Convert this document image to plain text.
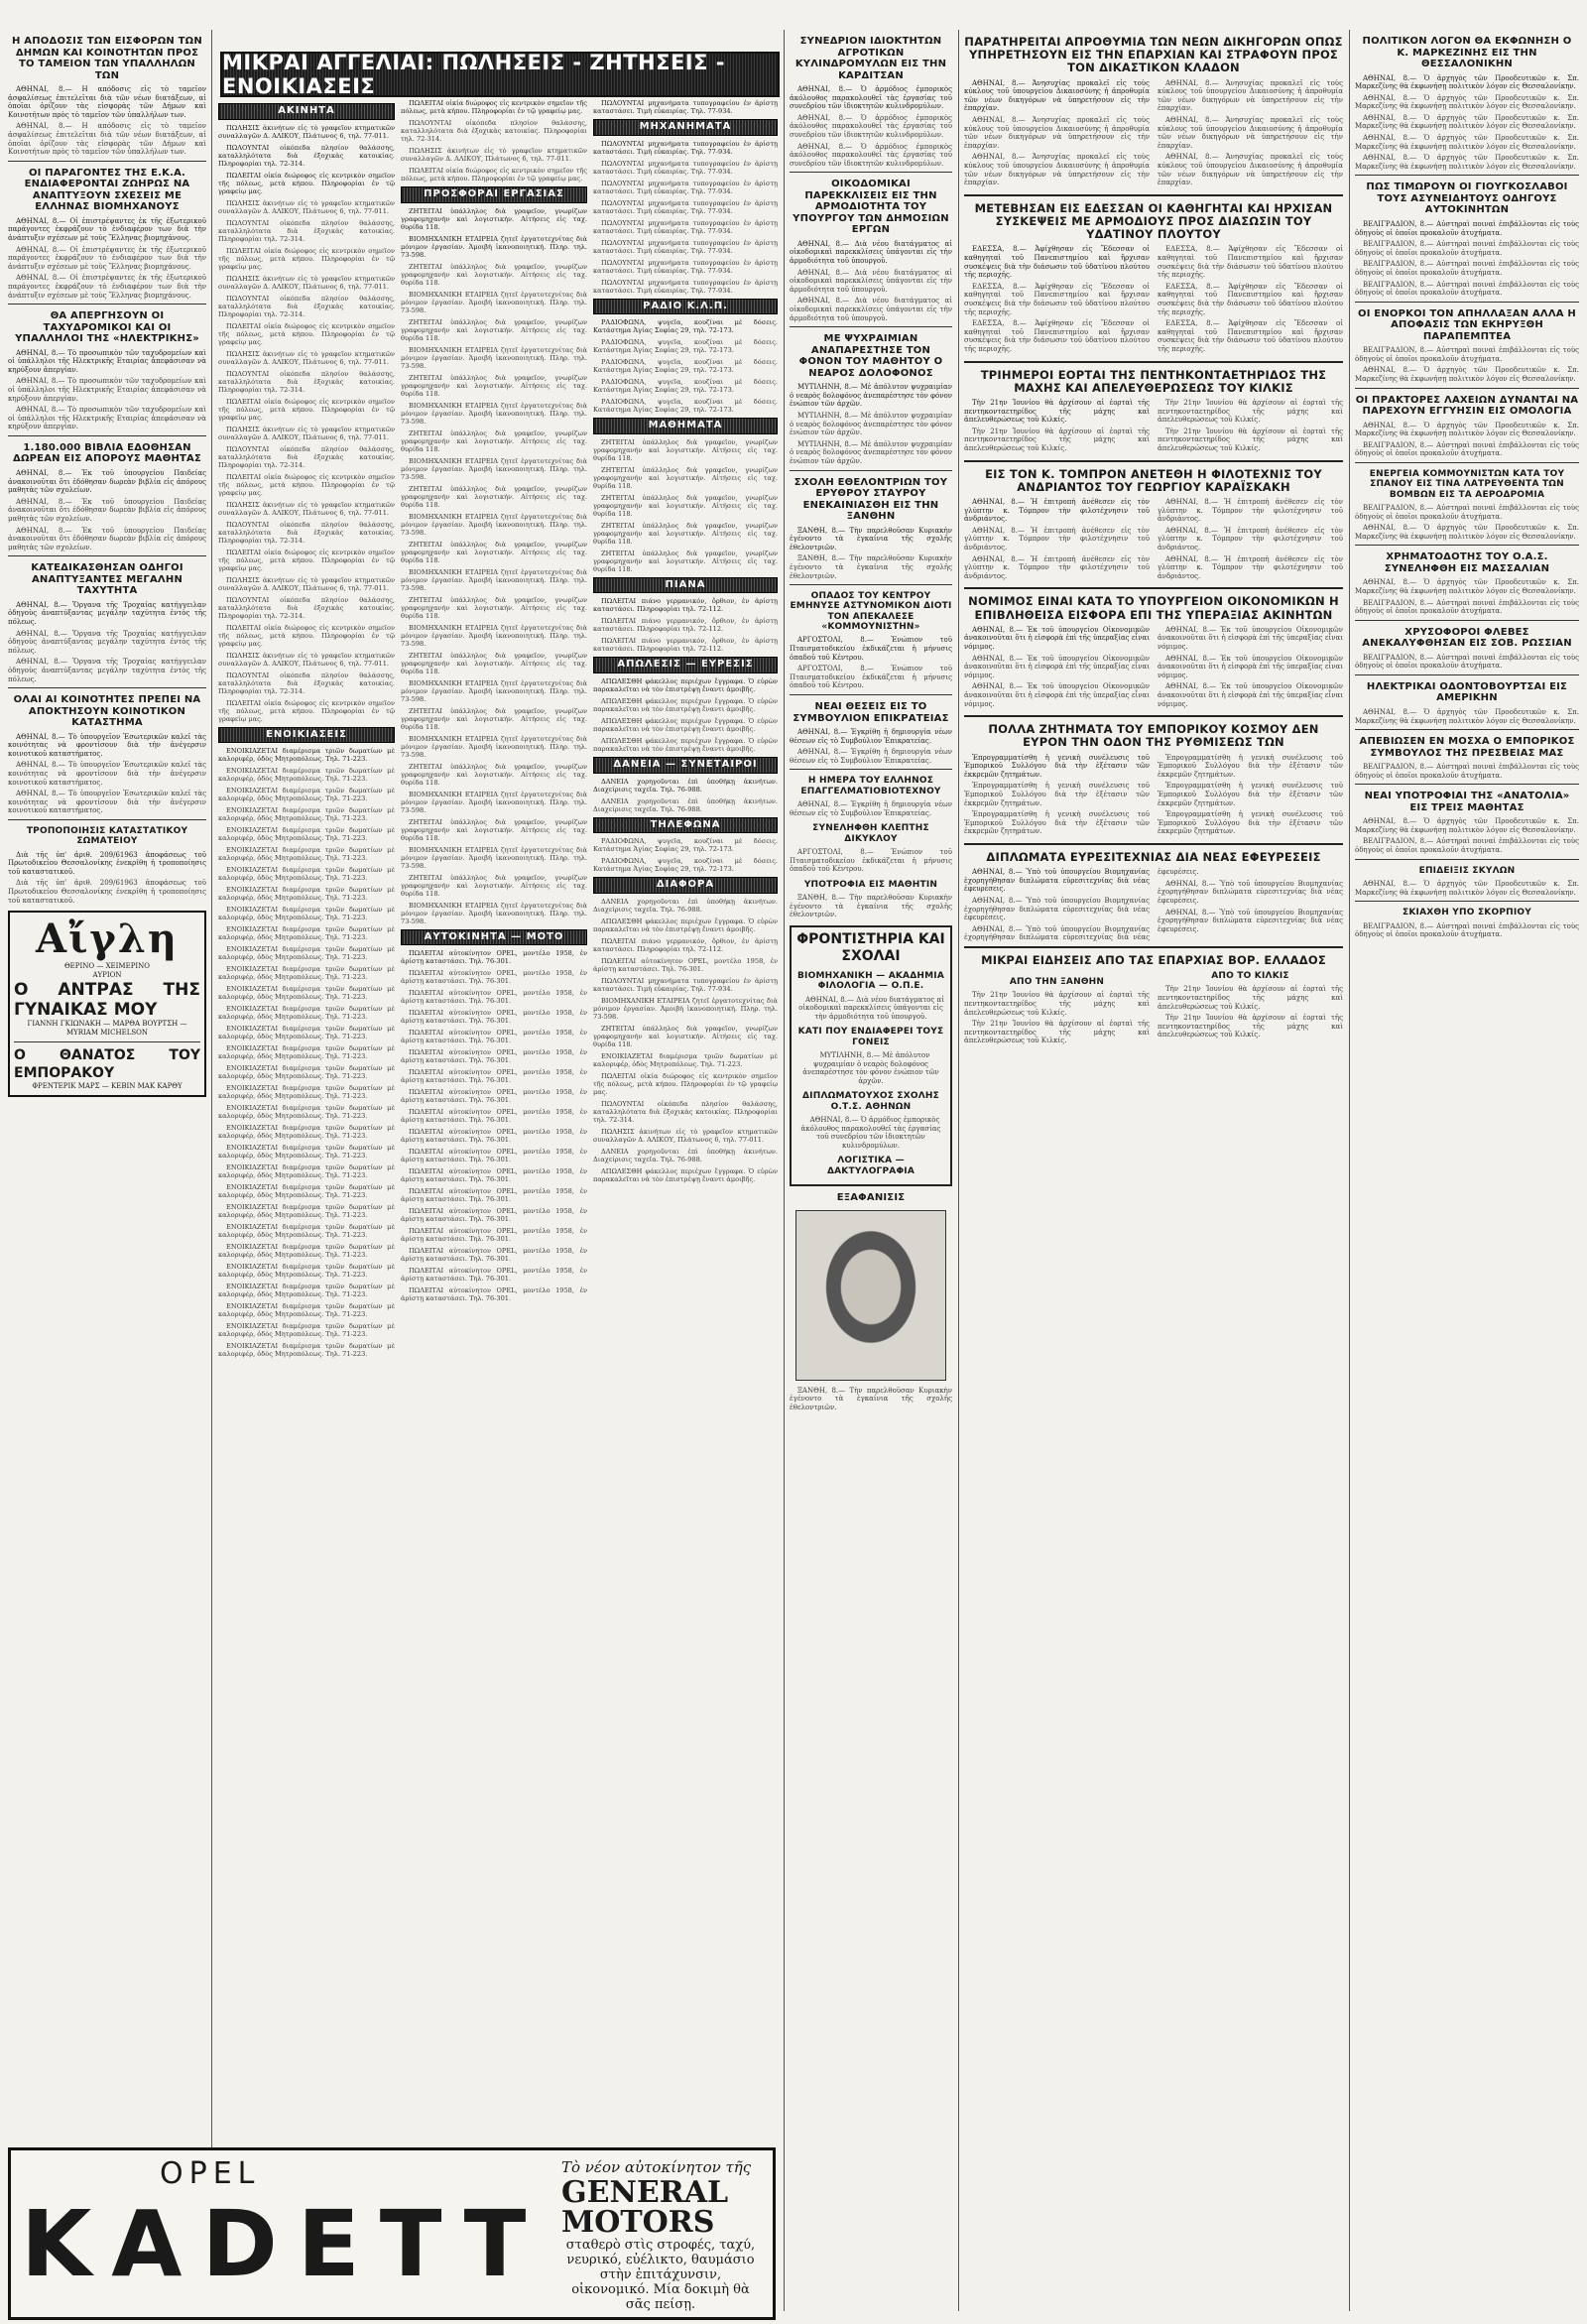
Η ΑΠΟΔΟΣΙΣ ΤΩΝ ΕΙΣΦΟΡΩΝ ΤΩΝ ΔΗΜΩΝ ΚΑΙ ΚΟΙΝΟΤΗΤΩΝ ΠΡΟΣ ΤΟ ΤΑΜΕΙΟΝ ΤΩΝ ΥΠΑΛΛΗΛΩΝ ΤΩΝ

ΑΘΗΝΑΙ, 8.— Η απόδοσις εἰς τὸ ταμεῖον ἀσφαλίσεως ἐπιτελεῖται διὰ τῶν νέων διατάξεων, αἱ ὁποῖαι ὁρίζουν τὰς εἰσφορὰς τῶν Δήμων καὶ Κοινοτήτων πρὸς τὸ ταμεῖον τῶν ὑπαλλήλων των.

ΑΘΗΝΑΙ, 8.— Η απόδοσις εἰς τὸ ταμεῖον ἀσφαλίσεως ἐπιτελεῖται διὰ τῶν νέων διατάξεων, αἱ ὁποῖαι ὁρίζουν τὰς εἰσφορὰς τῶν Δήμων καὶ Κοινοτήτων πρὸς τὸ ταμεῖον τῶν ὑπαλλήλων των.

ΟΙ ΠΑΡΑΓΟΝΤΕΣ ΤΗΣ Ε.Κ.Α. ΕΝΔΙΑΦΕΡΟΝΤΑΙ ΖΩΗΡΩΣ ΝΑ ΑΝΑΠΤΥΞΟΥΝ ΣΧΕΣΕΙΣ ΜΕ ΕΛΛΗΝΑΣ ΒΙΟΜΗΧΑΝΟΥΣ

ΑΘΗΝΑΙ, 8.— Οἱ ἐπιστρέψαντες ἐκ τῆς ἐξωτερικοῦ παράγοντες ἐκφράζουν τὸ ἐνδιαφέρον των διὰ τὴν ἀνάπτυξιν σχέσεων μὲ τοὺς Ἕλληνας βιομηχάνους.

ΑΘΗΝΑΙ, 8.— Οἱ ἐπιστρέψαντες ἐκ τῆς ἐξωτερικοῦ παράγοντες ἐκφράζουν τὸ ἐνδιαφέρον των διὰ τὴν ἀνάπτυξιν σχέσεων μὲ τοὺς Ἕλληνας βιομηχάνους.

ΑΘΗΝΑΙ, 8.— Οἱ ἐπιστρέψαντες ἐκ τῆς ἐξωτερικοῦ παράγοντες ἐκφράζουν τὸ ἐνδιαφέρον των διὰ τὴν ἀνάπτυξιν σχέσεων μὲ τοὺς Ἕλληνας βιομηχάνους.

ΘΑ ΑΠΕΡΓΗΣΟΥΝ ΟΙ ΤΑΧΥΔΡΟΜΙΚΟΙ ΚΑΙ ΟΙ ΥΠΑΛΛΗΛΟΙ ΤΗΣ «ΗΛΕΚΤΡΙΚΗΣ»

ΑΘΗΝΑΙ, 8.— Τὸ προσωπικὸν τῶν ταχυδρομείων καὶ οἱ ὑπάλληλοι τῆς Ηλεκτρικῆς Εταιρίας ἀπεφάσισαν νὰ κηρύξουν ἀπεργίαν.

ΑΘΗΝΑΙ, 8.— Τὸ προσωπικὸν τῶν ταχυδρομείων καὶ οἱ ὑπάλληλοι τῆς Ηλεκτρικῆς Εταιρίας ἀπεφάσισαν νὰ κηρύξουν ἀπεργίαν.

ΑΘΗΝΑΙ, 8.— Τὸ προσωπικὸν τῶν ταχυδρομείων καὶ οἱ ὑπάλληλοι τῆς Ηλεκτρικῆς Εταιρίας ἀπεφάσισαν νὰ κηρύξουν ἀπεργίαν.

1.180.000 ΒΙΒΛΙΑ ΕΔΟΘΗΣΑΝ ΔΩΡΕΑΝ ΕΙΣ ΑΠΟΡΟΥΣ ΜΑΘΗΤΑΣ

ΑΘΗΝΑΙ, 8.— Ἐκ τοῦ ὑπουργείου Παιδείας ἀνακοινοῦται ὅτι ἐδόθησαν δωρεὰν βιβλία εἰς ἀπόρους μαθητὰς τῶν σχολείων.

ΑΘΗΝΑΙ, 8.— Ἐκ τοῦ ὑπουργείου Παιδείας ἀνακοινοῦται ὅτι ἐδόθησαν δωρεὰν βιβλία εἰς ἀπόρους μαθητὰς τῶν σχολείων.

ΑΘΗΝΑΙ, 8.— Ἐκ τοῦ ὑπουργείου Παιδείας ἀνακοινοῦται ὅτι ἐδόθησαν δωρεὰν βιβλία εἰς ἀπόρους μαθητὰς τῶν σχολείων.

ΚΑΤΕΔΙΚΑΣΘΗΣΑΝ ΟΔΗΓΟΙ ΑΝΑΠΤΥΞΑΝΤΕΣ ΜΕΓΑΛΗΝ ΤΑΧΥΤΗΤΑ

ΑΘΗΝΑΙ, 8.— Ὅργανα τῆς Τροχαίας κατήγγειλαν ὁδηγοὺς ἀναπτύξαντας μεγάλην ταχύτητα ἐντὸς τῆς πόλεως.

ΑΘΗΝΑΙ, 8.— Ὅργανα τῆς Τροχαίας κατήγγειλαν ὁδηγοὺς ἀναπτύξαντας μεγάλην ταχύτητα ἐντὸς τῆς πόλεως.

ΑΘΗΝΑΙ, 8.— Ὅργανα τῆς Τροχαίας κατήγγειλαν ὁδηγοὺς ἀναπτύξαντας μεγάλην ταχύτητα ἐντὸς τῆς πόλεως.

ΟΛΑΙ ΑΙ ΚΟΙΝΟΤΗΤΕΣ ΠΡΕΠΕΙ ΝΑ ΑΠΟΚΤΗΣΟΥΝ ΚΟΙΝΟΤΙΚΟΝ ΚΑΤΑΣΤΗΜΑ

ΑΘΗΝΑΙ, 8.— Τὸ ὑπουργεῖον Ἐσωτερικῶν καλεῖ τὰς κοινότητας νὰ φροντίσουν διὰ τὴν ἀνέγερσιν κοινοτικοῦ καταστήματος.

ΑΘΗΝΑΙ, 8.— Τὸ ὑπουργεῖον Ἐσωτερικῶν καλεῖ τὰς κοινότητας νὰ φροντίσουν διὰ τὴν ἀνέγερσιν κοινοτικοῦ καταστήματος.

ΑΘΗΝΑΙ, 8.— Τὸ ὑπουργεῖον Ἐσωτερικῶν καλεῖ τὰς κοινότητας νὰ φροντίσουν διὰ τὴν ἀνέγερσιν κοινοτικοῦ καταστήματος.

ΤΡΟΠΟΠΟΙΗΣΙΣ ΚΑΤΑΣΤΑΤΙΚΟΥ ΣΩΜΑΤΕΙΟΥ

Διὰ τῆς ὑπ' ἀριθ. 209/61963 ἀποφάσεως τοῦ Πρωτοδικείου Θεσσαλονίκης ἐνεκρίθη ἡ τροποποίησις τοῦ καταστατικοῦ.

Διὰ τῆς ὑπ' ἀριθ. 209/61963 ἀποφάσεως τοῦ Πρωτοδικείου Θεσσαλονίκης ἐνεκρίθη ἡ τροποποίησις τοῦ καταστατικοῦ.

Αἴγλη
ΘΕΡΙΝΟ — ΧΕΙΜΕΡΙΝΟ
ΑΥΡΙΟΝ
Ο ΑΝΤΡΑΣ ΤΗΣ ΓΥΝΑΙΚΑΣ ΜΟΥ
ΓΙΑΝΝΗ ΓΚΙΩΝΑΚΗ — ΜΑΡΘΑ ΒΟΥΡΤΣΗ — ΜΥRIAM MICHELSON
Ο ΘΑΝΑΤΟΣ ΤΟΥ ΕΜΠΟΡΑΚΟΥ
ΦΡΕΝΤΕΡΙΚ ΜΑΡΣ — ΚΕΒΙΝ ΜΑΚ ΚΑΡΘΥ
ΜΙΚΡΑΙ ΑΓΓΕΛΙΑΙ: ΠΩΛΗΣΕΙΣ - ΖΗΤΗΣΕΙΣ - ΕΝΟΙΚΙΑΣΕΙΣ
ΑΚΙΝΗΤΑ

ΠΩΛΗΣΙΣ ἀκινήτων εἰς τὸ γραφεῖον κτηματικῶν συναλλαγῶν Δ. ΑΛΙΚΟΥ, Πλάτωνος 6, τηλ. 77-011.

ΠΩΛΟΥΝΤΑΙ οἰκόπεδα πλησίον θαλάσσης, καταλληλότατα διὰ ἐξοχικὰς κατοικίας. Πληροφορίαι τηλ. 72-314.

ΠΩΛΕΙΤΑΙ οἰκία διώροφος εἰς κεντρικὸν σημεῖον τῆς πόλεως, μετὰ κήπου. Πληροφορίαι ἐν τῷ γραφείῳ μας.

ΠΩΛΗΣΙΣ ἀκινήτων εἰς τὸ γραφεῖον κτηματικῶν συναλλαγῶν Δ. ΑΛΙΚΟΥ, Πλάτωνος 6, τηλ. 77-011.

ΠΩΛΟΥΝΤΑΙ οἰκόπεδα πλησίον θαλάσσης, καταλληλότατα διὰ ἐξοχικὰς κατοικίας. Πληροφορίαι τηλ. 72-314.

ΠΩΛΕΙΤΑΙ οἰκία διώροφος εἰς κεντρικὸν σημεῖον τῆς πόλεως, μετὰ κήπου. Πληροφορίαι ἐν τῷ γραφείῳ μας.

ΠΩΛΗΣΙΣ ἀκινήτων εἰς τὸ γραφεῖον κτηματικῶν συναλλαγῶν Δ. ΑΛΙΚΟΥ, Πλάτωνος 6, τηλ. 77-011.

ΠΩΛΟΥΝΤΑΙ οἰκόπεδα πλησίον θαλάσσης, καταλληλότατα διὰ ἐξοχικὰς κατοικίας. Πληροφορίαι τηλ. 72-314.

ΠΩΛΕΙΤΑΙ οἰκία διώροφος εἰς κεντρικὸν σημεῖον τῆς πόλεως, μετὰ κήπου. Πληροφορίαι ἐν τῷ γραφείῳ μας.

ΠΩΛΗΣΙΣ ἀκινήτων εἰς τὸ γραφεῖον κτηματικῶν συναλλαγῶν Δ. ΑΛΙΚΟΥ, Πλάτωνος 6, τηλ. 77-011.

ΠΩΛΟΥΝΤΑΙ οἰκόπεδα πλησίον θαλάσσης, καταλληλότατα διὰ ἐξοχικὰς κατοικίας. Πληροφορίαι τηλ. 72-314.

ΠΩΛΕΙΤΑΙ οἰκία διώροφος εἰς κεντρικὸν σημεῖον τῆς πόλεως, μετὰ κήπου. Πληροφορίαι ἐν τῷ γραφείῳ μας.

ΠΩΛΗΣΙΣ ἀκινήτων εἰς τὸ γραφεῖον κτηματικῶν συναλλαγῶν Δ. ΑΛΙΚΟΥ, Πλάτωνος 6, τηλ. 77-011.

ΠΩΛΟΥΝΤΑΙ οἰκόπεδα πλησίον θαλάσσης, καταλληλότατα διὰ ἐξοχικὰς κατοικίας. Πληροφορίαι τηλ. 72-314.

ΠΩΛΕΙΤΑΙ οἰκία διώροφος εἰς κεντρικὸν σημεῖον τῆς πόλεως, μετὰ κήπου. Πληροφορίαι ἐν τῷ γραφείῳ μας.

ΠΩΛΗΣΙΣ ἀκινήτων εἰς τὸ γραφεῖον κτηματικῶν συναλλαγῶν Δ. ΑΛΙΚΟΥ, Πλάτωνος 6, τηλ. 77-011.

ΠΩΛΟΥΝΤΑΙ οἰκόπεδα πλησίον θαλάσσης, καταλληλότατα διὰ ἐξοχικὰς κατοικίας. Πληροφορίαι τηλ. 72-314.

ΠΩΛΕΙΤΑΙ οἰκία διώροφος εἰς κεντρικὸν σημεῖον τῆς πόλεως, μετὰ κήπου. Πληροφορίαι ἐν τῷ γραφείῳ μας.

ΠΩΛΗΣΙΣ ἀκινήτων εἰς τὸ γραφεῖον κτηματικῶν συναλλαγῶν Δ. ΑΛΙΚΟΥ, Πλάτωνος 6, τηλ. 77-011.

ΠΩΛΟΥΝΤΑΙ οἰκόπεδα πλησίον θαλάσσης, καταλληλότατα διὰ ἐξοχικὰς κατοικίας. Πληροφορίαι τηλ. 72-314.

ΠΩΛΕΙΤΑΙ οἰκία διώροφος εἰς κεντρικὸν σημεῖον τῆς πόλεως, μετὰ κήπου. Πληροφορίαι ἐν τῷ γραφείῳ μας.

ΠΩΛΗΣΙΣ ἀκινήτων εἰς τὸ γραφεῖον κτηματικῶν συναλλαγῶν Δ. ΑΛΙΚΟΥ, Πλάτωνος 6, τηλ. 77-011.

ΠΩΛΟΥΝΤΑΙ οἰκόπεδα πλησίον θαλάσσης, καταλληλότατα διὰ ἐξοχικὰς κατοικίας. Πληροφορίαι τηλ. 72-314.

ΠΩΛΕΙΤΑΙ οἰκία διώροφος εἰς κεντρικὸν σημεῖον τῆς πόλεως, μετὰ κήπου. Πληροφορίαι ἐν τῷ γραφείῳ μας.

ΕΝΟΙΚΙΑΣΕΙΣ

ΕΝΟΙΚΙΑΖΕΤΑΙ διαμέρισμα τριῶν δωματίων μὲ καλοριφέρ, ὁδὸς Μητροπόλεως. Τηλ. 71-223.

ΕΝΟΙΚΙΑΖΕΤΑΙ διαμέρισμα τριῶν δωματίων μὲ καλοριφέρ, ὁδὸς Μητροπόλεως. Τηλ. 71-223.

ΕΝΟΙΚΙΑΖΕΤΑΙ διαμέρισμα τριῶν δωματίων μὲ καλοριφέρ, ὁδὸς Μητροπόλεως. Τηλ. 71-223.

ΕΝΟΙΚΙΑΖΕΤΑΙ διαμέρισμα τριῶν δωματίων μὲ καλοριφέρ, ὁδὸς Μητροπόλεως. Τηλ. 71-223.

ΕΝΟΙΚΙΑΖΕΤΑΙ διαμέρισμα τριῶν δωματίων μὲ καλοριφέρ, ὁδὸς Μητροπόλεως. Τηλ. 71-223.

ΕΝΟΙΚΙΑΖΕΤΑΙ διαμέρισμα τριῶν δωματίων μὲ καλοριφέρ, ὁδὸς Μητροπόλεως. Τηλ. 71-223.

ΕΝΟΙΚΙΑΖΕΤΑΙ διαμέρισμα τριῶν δωματίων μὲ καλοριφέρ, ὁδὸς Μητροπόλεως. Τηλ. 71-223.

ΕΝΟΙΚΙΑΖΕΤΑΙ διαμέρισμα τριῶν δωματίων μὲ καλοριφέρ, ὁδὸς Μητροπόλεως. Τηλ. 71-223.

ΕΝΟΙΚΙΑΖΕΤΑΙ διαμέρισμα τριῶν δωματίων μὲ καλοριφέρ, ὁδὸς Μητροπόλεως. Τηλ. 71-223.

ΕΝΟΙΚΙΑΖΕΤΑΙ διαμέρισμα τριῶν δωματίων μὲ καλοριφέρ, ὁδὸς Μητροπόλεως. Τηλ. 71-223.

ΕΝΟΙΚΙΑΖΕΤΑΙ διαμέρισμα τριῶν δωματίων μὲ καλοριφέρ, ὁδὸς Μητροπόλεως. Τηλ. 71-223.

ΕΝΟΙΚΙΑΖΕΤΑΙ διαμέρισμα τριῶν δωματίων μὲ καλοριφέρ, ὁδὸς Μητροπόλεως. Τηλ. 71-223.

ΕΝΟΙΚΙΑΖΕΤΑΙ διαμέρισμα τριῶν δωματίων μὲ καλοριφέρ, ὁδὸς Μητροπόλεως. Τηλ. 71-223.

ΕΝΟΙΚΙΑΖΕΤΑΙ διαμέρισμα τριῶν δωματίων μὲ καλοριφέρ, ὁδὸς Μητροπόλεως. Τηλ. 71-223.

ΕΝΟΙΚΙΑΖΕΤΑΙ διαμέρισμα τριῶν δωματίων μὲ καλοριφέρ, ὁδὸς Μητροπόλεως. Τηλ. 71-223.

ΕΝΟΙΚΙΑΖΕΤΑΙ διαμέρισμα τριῶν δωματίων μὲ καλοριφέρ, ὁδὸς Μητροπόλεως. Τηλ. 71-223.

ΕΝΟΙΚΙΑΖΕΤΑΙ διαμέρισμα τριῶν δωματίων μὲ καλοριφέρ, ὁδὸς Μητροπόλεως. Τηλ. 71-223.

ΕΝΟΙΚΙΑΖΕΤΑΙ διαμέρισμα τριῶν δωματίων μὲ καλοριφέρ, ὁδὸς Μητροπόλεως. Τηλ. 71-223.

ΕΝΟΙΚΙΑΖΕΤΑΙ διαμέρισμα τριῶν δωματίων μὲ καλοριφέρ, ὁδὸς Μητροπόλεως. Τηλ. 71-223.

ΕΝΟΙΚΙΑΖΕΤΑΙ διαμέρισμα τριῶν δωματίων μὲ καλοριφέρ, ὁδὸς Μητροπόλεως. Τηλ. 71-223.

ΕΝΟΙΚΙΑΖΕΤΑΙ διαμέρισμα τριῶν δωματίων μὲ καλοριφέρ, ὁδὸς Μητροπόλεως. Τηλ. 71-223.

ΕΝΟΙΚΙΑΖΕΤΑΙ διαμέρισμα τριῶν δωματίων μὲ καλοριφέρ, ὁδὸς Μητροπόλεως. Τηλ. 71-223.

ΕΝΟΙΚΙΑΖΕΤΑΙ διαμέρισμα τριῶν δωματίων μὲ καλοριφέρ, ὁδὸς Μητροπόλεως. Τηλ. 71-223.

ΕΝΟΙΚΙΑΖΕΤΑΙ διαμέρισμα τριῶν δωματίων μὲ καλοριφέρ, ὁδὸς Μητροπόλεως. Τηλ. 71-223.

ΕΝΟΙΚΙΑΖΕΤΑΙ διαμέρισμα τριῶν δωματίων μὲ καλοριφέρ, ὁδὸς Μητροπόλεως. Τηλ. 71-223.

ΕΝΟΙΚΙΑΖΕΤΑΙ διαμέρισμα τριῶν δωματίων μὲ καλοριφέρ, ὁδὸς Μητροπόλεως. Τηλ. 71-223.

ΕΝΟΙΚΙΑΖΕΤΑΙ διαμέρισμα τριῶν δωματίων μὲ καλοριφέρ, ὁδὸς Μητροπόλεως. Τηλ. 71-223.

ΕΝΟΙΚΙΑΖΕΤΑΙ διαμέρισμα τριῶν δωματίων μὲ καλοριφέρ, ὁδὸς Μητροπόλεως. Τηλ. 71-223.

ΕΝΟΙΚΙΑΖΕΤΑΙ διαμέρισμα τριῶν δωματίων μὲ καλοριφέρ, ὁδὸς Μητροπόλεως. Τηλ. 71-223.

ΕΝΟΙΚΙΑΖΕΤΑΙ διαμέρισμα τριῶν δωματίων μὲ καλοριφέρ, ὁδὸς Μητροπόλεως. Τηλ. 71-223.

ΕΝΟΙΚΙΑΖΕΤΑΙ διαμέρισμα τριῶν δωματίων μὲ καλοριφέρ, ὁδὸς Μητροπόλεως. Τηλ. 71-223.

ΠΩΛΕΙΤΑΙ οἰκία διώροφος εἰς κεντρικὸν σημεῖον τῆς πόλεως, μετὰ κήπου. Πληροφορίαι ἐν τῷ γραφείῳ μας.

ΠΩΛΟΥΝΤΑΙ οἰκόπεδα πλησίον θαλάσσης, καταλληλότατα διὰ ἐξοχικὰς κατοικίας. Πληροφορίαι τηλ. 72-314.

ΠΩΛΗΣΙΣ ἀκινήτων εἰς τὸ γραφεῖον κτηματικῶν συναλλαγῶν Δ. ΑΛΙΚΟΥ, Πλάτωνος 6, τηλ. 77-011.

ΠΩΛΕΙΤΑΙ οἰκία διώροφος εἰς κεντρικὸν σημεῖον τῆς πόλεως, μετὰ κήπου. Πληροφορίαι ἐν τῷ γραφείῳ μας.

ΠΡΟΣΦΟΡΑΙ ΕΡΓΑΣΙΑΣ

ΖΗΤΕΙΤΑΙ ὑπάλληλος διὰ γραφεῖον, γνωρίζων γραφομηχανήν καὶ λογιστικήν. Αἰτήσεις εἰς ταχ. θυρίδα 118.

ΒΙΟΜΗΧΑΝΙΚΗ ΕΤΑΙΡΕΙΑ ζητεῖ ἐργατοτεχνίτας διὰ μόνιμον ἐργασίαν. Ἀμοιβὴ ἱκανοποιητική. Πληρ. τηλ. 73-598.

ΖΗΤΕΙΤΑΙ ὑπάλληλος διὰ γραφεῖον, γνωρίζων γραφομηχανήν καὶ λογιστικήν. Αἰτήσεις εἰς ταχ. θυρίδα 118.

ΒΙΟΜΗΧΑΝΙΚΗ ΕΤΑΙΡΕΙΑ ζητεῖ ἐργατοτεχνίτας διὰ μόνιμον ἐργασίαν. Ἀμοιβὴ ἱκανοποιητική. Πληρ. τηλ. 73-598.

ΖΗΤΕΙΤΑΙ ὑπάλληλος διὰ γραφεῖον, γνωρίζων γραφομηχανήν καὶ λογιστικήν. Αἰτήσεις εἰς ταχ. θυρίδα 118.

ΒΙΟΜΗΧΑΝΙΚΗ ΕΤΑΙΡΕΙΑ ζητεῖ ἐργατοτεχνίτας διὰ μόνιμον ἐργασίαν. Ἀμοιβὴ ἱκανοποιητική. Πληρ. τηλ. 73-598.

ΖΗΤΕΙΤΑΙ ὑπάλληλος διὰ γραφεῖον, γνωρίζων γραφομηχανήν καὶ λογιστικήν. Αἰτήσεις εἰς ταχ. θυρίδα 118.

ΒΙΟΜΗΧΑΝΙΚΗ ΕΤΑΙΡΕΙΑ ζητεῖ ἐργατοτεχνίτας διὰ μόνιμον ἐργασίαν. Ἀμοιβὴ ἱκανοποιητική. Πληρ. τηλ. 73-598.

ΖΗΤΕΙΤΑΙ ὑπάλληλος διὰ γραφεῖον, γνωρίζων γραφομηχανήν καὶ λογιστικήν. Αἰτήσεις εἰς ταχ. θυρίδα 118.

ΒΙΟΜΗΧΑΝΙΚΗ ΕΤΑΙΡΕΙΑ ζητεῖ ἐργατοτεχνίτας διὰ μόνιμον ἐργασίαν. Ἀμοιβὴ ἱκανοποιητική. Πληρ. τηλ. 73-598.

ΖΗΤΕΙΤΑΙ ὑπάλληλος διὰ γραφεῖον, γνωρίζων γραφομηχανήν καὶ λογιστικήν. Αἰτήσεις εἰς ταχ. θυρίδα 118.

ΒΙΟΜΗΧΑΝΙΚΗ ΕΤΑΙΡΕΙΑ ζητεῖ ἐργατοτεχνίτας διὰ μόνιμον ἐργασίαν. Ἀμοιβὴ ἱκανοποιητική. Πληρ. τηλ. 73-598.

ΖΗΤΕΙΤΑΙ ὑπάλληλος διὰ γραφεῖον, γνωρίζων γραφομηχανήν καὶ λογιστικήν. Αἰτήσεις εἰς ταχ. θυρίδα 118.

ΒΙΟΜΗΧΑΝΙΚΗ ΕΤΑΙΡΕΙΑ ζητεῖ ἐργατοτεχνίτας διὰ μόνιμον ἐργασίαν. Ἀμοιβὴ ἱκανοποιητική. Πληρ. τηλ. 73-598.

ΖΗΤΕΙΤΑΙ ὑπάλληλος διὰ γραφεῖον, γνωρίζων γραφομηχανήν καὶ λογιστικήν. Αἰτήσεις εἰς ταχ. θυρίδα 118.

ΒΙΟΜΗΧΑΝΙΚΗ ΕΤΑΙΡΕΙΑ ζητεῖ ἐργατοτεχνίτας διὰ μόνιμον ἐργασίαν. Ἀμοιβὴ ἱκανοποιητική. Πληρ. τηλ. 73-598.

ΖΗΤΕΙΤΑΙ ὑπάλληλος διὰ γραφεῖον, γνωρίζων γραφομηχανήν καὶ λογιστικήν. Αἰτήσεις εἰς ταχ. θυρίδα 118.

ΒΙΟΜΗΧΑΝΙΚΗ ΕΤΑΙΡΕΙΑ ζητεῖ ἐργατοτεχνίτας διὰ μόνιμον ἐργασίαν. Ἀμοιβὴ ἱκανοποιητική. Πληρ. τηλ. 73-598.

ΖΗΤΕΙΤΑΙ ὑπάλληλος διὰ γραφεῖον, γνωρίζων γραφομηχανήν καὶ λογιστικήν. Αἰτήσεις εἰς ταχ. θυρίδα 118.

ΒΙΟΜΗΧΑΝΙΚΗ ΕΤΑΙΡΕΙΑ ζητεῖ ἐργατοτεχνίτας διὰ μόνιμον ἐργασίαν. Ἀμοιβὴ ἱκανοποιητική. Πληρ. τηλ. 73-598.

ΖΗΤΕΙΤΑΙ ὑπάλληλος διὰ γραφεῖον, γνωρίζων γραφομηχανήν καὶ λογιστικήν. Αἰτήσεις εἰς ταχ. θυρίδα 118.

ΒΙΟΜΗΧΑΝΙΚΗ ΕΤΑΙΡΕΙΑ ζητεῖ ἐργατοτεχνίτας διὰ μόνιμον ἐργασίαν. Ἀμοιβὴ ἱκανοποιητική. Πληρ. τηλ. 73-598.

ΖΗΤΕΙΤΑΙ ὑπάλληλος διὰ γραφεῖον, γνωρίζων γραφομηχανήν καὶ λογιστικήν. Αἰτήσεις εἰς ταχ. θυρίδα 118.

ΒΙΟΜΗΧΑΝΙΚΗ ΕΤΑΙΡΕΙΑ ζητεῖ ἐργατοτεχνίτας διὰ μόνιμον ἐργασίαν. Ἀμοιβὴ ἱκανοποιητική. Πληρ. τηλ. 73-598.

ΖΗΤΕΙΤΑΙ ὑπάλληλος διὰ γραφεῖον, γνωρίζων γραφομηχανήν καὶ λογιστικήν. Αἰτήσεις εἰς ταχ. θυρίδα 118.

ΒΙΟΜΗΧΑΝΙΚΗ ΕΤΑΙΡΕΙΑ ζητεῖ ἐργατοτεχνίτας διὰ μόνιμον ἐργασίαν. Ἀμοιβὴ ἱκανοποιητική. Πληρ. τηλ. 73-598.

ΑΥΤΟΚΙΝΗΤΑ — ΜΟΤΟ

ΠΩΛΕΙΤΑΙ αὐτοκίνητον OPEL, μοντέλο 1958, ἐν ἀρίστῃ καταστάσει. Τηλ. 76-301.

ΠΩΛΕΙΤΑΙ αὐτοκίνητον OPEL, μοντέλο 1958, ἐν ἀρίστῃ καταστάσει. Τηλ. 76-301.

ΠΩΛΕΙΤΑΙ αὐτοκίνητον OPEL, μοντέλο 1958, ἐν ἀρίστῃ καταστάσει. Τηλ. 76-301.

ΠΩΛΕΙΤΑΙ αὐτοκίνητον OPEL, μοντέλο 1958, ἐν ἀρίστῃ καταστάσει. Τηλ. 76-301.

ΠΩΛΕΙΤΑΙ αὐτοκίνητον OPEL, μοντέλο 1958, ἐν ἀρίστῃ καταστάσει. Τηλ. 76-301.

ΠΩΛΕΙΤΑΙ αὐτοκίνητον OPEL, μοντέλο 1958, ἐν ἀρίστῃ καταστάσει. Τηλ. 76-301.

ΠΩΛΕΙΤΑΙ αὐτοκίνητον OPEL, μοντέλο 1958, ἐν ἀρίστῃ καταστάσει. Τηλ. 76-301.

ΠΩΛΕΙΤΑΙ αὐτοκίνητον OPEL, μοντέλο 1958, ἐν ἀρίστῃ καταστάσει. Τηλ. 76-301.

ΠΩΛΕΙΤΑΙ αὐτοκίνητον OPEL, μοντέλο 1958, ἐν ἀρίστῃ καταστάσει. Τηλ. 76-301.

ΠΩΛΕΙΤΑΙ αὐτοκίνητον OPEL, μοντέλο 1958, ἐν ἀρίστῃ καταστάσει. Τηλ. 76-301.

ΠΩΛΕΙΤΑΙ αὐτοκίνητον OPEL, μοντέλο 1958, ἐν ἀρίστῃ καταστάσει. Τηλ. 76-301.

ΠΩΛΕΙΤΑΙ αὐτοκίνητον OPEL, μοντέλο 1958, ἐν ἀρίστῃ καταστάσει. Τηλ. 76-301.

ΠΩΛΕΙΤΑΙ αὐτοκίνητον OPEL, μοντέλο 1958, ἐν ἀρίστῃ καταστάσει. Τηλ. 76-301.

ΠΩΛΕΙΤΑΙ αὐτοκίνητον OPEL, μοντέλο 1958, ἐν ἀρίστῃ καταστάσει. Τηλ. 76-301.

ΠΩΛΕΙΤΑΙ αὐτοκίνητον OPEL, μοντέλο 1958, ἐν ἀρίστῃ καταστάσει. Τηλ. 76-301.

ΠΩΛΕΙΤΑΙ αὐτοκίνητον OPEL, μοντέλο 1958, ἐν ἀρίστῃ καταστάσει. Τηλ. 76-301.

ΠΩΛΕΙΤΑΙ αὐτοκίνητον OPEL, μοντέλο 1958, ἐν ἀρίστῃ καταστάσει. Τηλ. 76-301.

ΠΩΛΕΙΤΑΙ αὐτοκίνητον OPEL, μοντέλο 1958, ἐν ἀρίστῃ καταστάσει. Τηλ. 76-301.

ΠΩΛΟΥΝΤΑΙ μηχανήματα τυπογραφείου ἐν ἀρίστῃ καταστάσει. Τιμὴ εὐκαιρίας. Τηλ. 77-934.

ΜΗΧΑΝΗΜΑΤΑ

ΠΩΛΟΥΝΤΑΙ μηχανήματα τυπογραφείου ἐν ἀρίστῃ καταστάσει. Τιμὴ εὐκαιρίας. Τηλ. 77-934.

ΠΩΛΟΥΝΤΑΙ μηχανήματα τυπογραφείου ἐν ἀρίστῃ καταστάσει. Τιμὴ εὐκαιρίας. Τηλ. 77-934.

ΠΩΛΟΥΝΤΑΙ μηχανήματα τυπογραφείου ἐν ἀρίστῃ καταστάσει. Τιμὴ εὐκαιρίας. Τηλ. 77-934.

ΠΩΛΟΥΝΤΑΙ μηχανήματα τυπογραφείου ἐν ἀρίστῃ καταστάσει. Τιμὴ εὐκαιρίας. Τηλ. 77-934.

ΠΩΛΟΥΝΤΑΙ μηχανήματα τυπογραφείου ἐν ἀρίστῃ καταστάσει. Τιμὴ εὐκαιρίας. Τηλ. 77-934.

ΠΩΛΟΥΝΤΑΙ μηχανήματα τυπογραφείου ἐν ἀρίστῃ καταστάσει. Τιμὴ εὐκαιρίας. Τηλ. 77-934.

ΠΩΛΟΥΝΤΑΙ μηχανήματα τυπογραφείου ἐν ἀρίστῃ καταστάσει. Τιμὴ εὐκαιρίας. Τηλ. 77-934.

ΠΩΛΟΥΝΤΑΙ μηχανήματα τυπογραφείου ἐν ἀρίστῃ καταστάσει. Τιμὴ εὐκαιρίας. Τηλ. 77-934.

ΡΑΔΙΟ Κ.Λ.Π.

ΡΑΔΙΟΦΩΝΑ, ψυγεῖα, κουζίναι μὲ δόσεις. Κατάστημα Ἀγίας Σοφίας 29, τηλ. 72-173.

ΡΑΔΙΟΦΩΝΑ, ψυγεῖα, κουζίναι μὲ δόσεις. Κατάστημα Ἀγίας Σοφίας 29, τηλ. 72-173.

ΡΑΔΙΟΦΩΝΑ, ψυγεῖα, κουζίναι μὲ δόσεις. Κατάστημα Ἀγίας Σοφίας 29, τηλ. 72-173.

ΡΑΔΙΟΦΩΝΑ, ψυγεῖα, κουζίναι μὲ δόσεις. Κατάστημα Ἀγίας Σοφίας 29, τηλ. 72-173.

ΡΑΔΙΟΦΩΝΑ, ψυγεῖα, κουζίναι μὲ δόσεις. Κατάστημα Ἀγίας Σοφίας 29, τηλ. 72-173.

ΜΑΘΗΜΑΤΑ

ΖΗΤΕΙΤΑΙ ὑπάλληλος διὰ γραφεῖον, γνωρίζων γραφομηχανήν καὶ λογιστικήν. Αἰτήσεις εἰς ταχ. θυρίδα 118.

ΖΗΤΕΙΤΑΙ ὑπάλληλος διὰ γραφεῖον, γνωρίζων γραφομηχανήν καὶ λογιστικήν. Αἰτήσεις εἰς ταχ. θυρίδα 118.

ΖΗΤΕΙΤΑΙ ὑπάλληλος διὰ γραφεῖον, γνωρίζων γραφομηχανήν καὶ λογιστικήν. Αἰτήσεις εἰς ταχ. θυρίδα 118.

ΖΗΤΕΙΤΑΙ ὑπάλληλος διὰ γραφεῖον, γνωρίζων γραφομηχανήν καὶ λογιστικήν. Αἰτήσεις εἰς ταχ. θυρίδα 118.

ΖΗΤΕΙΤΑΙ ὑπάλληλος διὰ γραφεῖον, γνωρίζων γραφομηχανήν καὶ λογιστικήν. Αἰτήσεις εἰς ταχ. θυρίδα 118.

ΠΙΑΝΑ

ΠΩΛΕΙΤΑΙ πιάνο γερμανικόν, ὄρθιον, ἐν ἀρίστῃ καταστάσει. Πληροφορίαι τηλ. 72-112.

ΠΩΛΕΙΤΑΙ πιάνο γερμανικόν, ὄρθιον, ἐν ἀρίστῃ καταστάσει. Πληροφορίαι τηλ. 72-112.

ΠΩΛΕΙΤΑΙ πιάνο γερμανικόν, ὄρθιον, ἐν ἀρίστῃ καταστάσει. Πληροφορίαι τηλ. 72-112.

ΑΠΩΛΕΣΙΣ — ΕΥΡΕΣΙΣ

ΑΠΩΛΕΣΘΗ φάκελλος περιέχων ἔγγραφα. Ὁ εὑρὼν παρακαλεῖται νὰ τὸν ἐπιστρέψῃ ἔναντι ἀμοιβῆς.

ΑΠΩΛΕΣΘΗ φάκελλος περιέχων ἔγγραφα. Ὁ εὑρὼν παρακαλεῖται νὰ τὸν ἐπιστρέψῃ ἔναντι ἀμοιβῆς.

ΑΠΩΛΕΣΘΗ φάκελλος περιέχων ἔγγραφα. Ὁ εὑρὼν παρακαλεῖται νὰ τὸν ἐπιστρέψῃ ἔναντι ἀμοιβῆς.

ΑΠΩΛΕΣΘΗ φάκελλος περιέχων ἔγγραφα. Ὁ εὑρὼν παρακαλεῖται νὰ τὸν ἐπιστρέψῃ ἔναντι ἀμοιβῆς.

ΔΑΝΕΙΑ — ΣΥΝΕΤΑΙΡΟΙ

ΔΑΝΕΙΑ χορηγοῦνται ἐπὶ ὑποθήκῃ ἀκινήτων. Διαχείρισις ταχεῖα. Τηλ. 76-988.

ΔΑΝΕΙΑ χορηγοῦνται ἐπὶ ὑποθήκῃ ἀκινήτων. Διαχείρισις ταχεῖα. Τηλ. 76-988.

ΤΗΛΕΦΩΝΑ

ΡΑΔΙΟΦΩΝΑ, ψυγεῖα, κουζίναι μὲ δόσεις. Κατάστημα Ἀγίας Σοφίας 29, τηλ. 72-173.

ΡΑΔΙΟΦΩΝΑ, ψυγεῖα, κουζίναι μὲ δόσεις. Κατάστημα Ἀγίας Σοφίας 29, τηλ. 72-173.

ΔΙΑΦΟΡΑ

ΔΑΝΕΙΑ χορηγοῦνται ἐπὶ ὑποθήκῃ ἀκινήτων. Διαχείρισις ταχεῖα. Τηλ. 76-988.

ΑΠΩΛΕΣΘΗ φάκελλος περιέχων ἔγγραφα. Ὁ εὑρὼν παρακαλεῖται νὰ τὸν ἐπιστρέψῃ ἔναντι ἀμοιβῆς.

ΠΩΛΕΙΤΑΙ πιάνο γερμανικόν, ὄρθιον, ἐν ἀρίστῃ καταστάσει. Πληροφορίαι τηλ. 72-112.

ΠΩΛΕΙΤΑΙ αὐτοκίνητον OPEL, μοντέλο 1958, ἐν ἀρίστῃ καταστάσει. Τηλ. 76-301.

ΠΩΛΟΥΝΤΑΙ μηχανήματα τυπογραφείου ἐν ἀρίστῃ καταστάσει. Τιμὴ εὐκαιρίας. Τηλ. 77-934.

ΒΙΟΜΗΧΑΝΙΚΗ ΕΤΑΙΡΕΙΑ ζητεῖ ἐργατοτεχνίτας διὰ μόνιμον ἐργασίαν. Ἀμοιβὴ ἱκανοποιητική. Πληρ. τηλ. 73-598.

ΖΗΤΕΙΤΑΙ ὑπάλληλος διὰ γραφεῖον, γνωρίζων γραφομηχανήν καὶ λογιστικήν. Αἰτήσεις εἰς ταχ. θυρίδα 118.

ΕΝΟΙΚΙΑΖΕΤΑΙ διαμέρισμα τριῶν δωματίων μὲ καλοριφέρ, ὁδὸς Μητροπόλεως. Τηλ. 71-223.

ΠΩΛΕΙΤΑΙ οἰκία διώροφος εἰς κεντρικὸν σημεῖον τῆς πόλεως, μετὰ κήπου. Πληροφορίαι ἐν τῷ γραφείῳ μας.

ΠΩΛΟΥΝΤΑΙ οἰκόπεδα πλησίον θαλάσσης, καταλληλότατα διὰ ἐξοχικὰς κατοικίας. Πληροφορίαι τηλ. 72-314.

ΠΩΛΗΣΙΣ ἀκινήτων εἰς τὸ γραφεῖον κτηματικῶν συναλλαγῶν Δ. ΑΛΙΚΟΥ, Πλάτωνος 6, τηλ. 77-011.

ΔΑΝΕΙΑ χορηγοῦνται ἐπὶ ὑποθήκῃ ἀκινήτων. Διαχείρισις ταχεῖα. Τηλ. 76-988.

ΑΠΩΛΕΣΘΗ φάκελλος περιέχων ἔγγραφα. Ὁ εὑρὼν παρακαλεῖται νὰ τὸν ἐπιστρέψῃ ἔναντι ἀμοιβῆς.

ΣΥΝΕΔΡΙΟΝ ΙΔΙΟΚΤΗΤΩΝ ΑΓΡΟΤΙΚΩΝ ΚΥΛΙΝΔΡΟΜΥΛΩΝ ΕΙΣ ΤΗΝ ΚΑΡΔΙΤΣΑΝ

ΑΘΗΝΑΙ, 8.— Ὁ ἀρμόδιος ἐμπορικὸς ἀκόλουθος παρακολουθεῖ τὰς ἐργασίας τοῦ συνεδρίου τῶν ἰδιοκτητῶν κυλινδρομύλων.

ΑΘΗΝΑΙ, 8.— Ὁ ἀρμόδιος ἐμπορικὸς ἀκόλουθος παρακολουθεῖ τὰς ἐργασίας τοῦ συνεδρίου τῶν ἰδιοκτητῶν κυλινδρομύλων.

ΑΘΗΝΑΙ, 8.— Ὁ ἀρμόδιος ἐμπορικὸς ἀκόλουθος παρακολουθεῖ τὰς ἐργασίας τοῦ συνεδρίου τῶν ἰδιοκτητῶν κυλινδρομύλων.

ΟΙΚΟΔΟΜΙΚΑΙ ΠΑΡΕΚΚΛΙΣΕΙΣ ΕΙΣ ΤΗΝ ΑΡΜΟΔΙΟΤΗΤΑ ΤΟΥ ΥΠΟΥΡΓΟΥ ΤΩΝ ΔΗΜΟΣΙΩΝ ΕΡΓΩΝ

ΑΘΗΝΑΙ, 8.— Διὰ νέου διατάγματος αἱ οἰκοδομικαὶ παρεκκλίσεις ὑπάγονται εἰς τὴν ἁρμοδιότητα τοῦ ὑπουργοῦ.

ΑΘΗΝΑΙ, 8.— Διὰ νέου διατάγματος αἱ οἰκοδομικαὶ παρεκκλίσεις ὑπάγονται εἰς τὴν ἁρμοδιότητα τοῦ ὑπουργοῦ.

ΑΘΗΝΑΙ, 8.— Διὰ νέου διατάγματος αἱ οἰκοδομικαὶ παρεκκλίσεις ὑπάγονται εἰς τὴν ἁρμοδιότητα τοῦ ὑπουργοῦ.

ΜΕ ΨΥΧΡΑΙΜΙΑΝ ΑΝΑΠΑΡΕΣΤΗΣΕ ΤΟΝ ΦΟΝΟΝ ΤΟΥ ΜΑΘΗΤΟΥ Ο ΝΕΑΡΟΣ ΔΟΛΟΦΟΝΟΣ

ΜΥΤΙΛΗΝΗ, 8.— Μὲ ἀπόλυτον ψυχραιμίαν ὁ νεαρὸς δολοφόνος ἀνεπαρέστησε τὸν φόνον ἐνώπιον τῶν ἀρχῶν.

ΜΥΤΙΛΗΝΗ, 8.— Μὲ ἀπόλυτον ψυχραιμίαν ὁ νεαρὸς δολοφόνος ἀνεπαρέστησε τὸν φόνον ἐνώπιον τῶν ἀρχῶν.

ΜΥΤΙΛΗΝΗ, 8.— Μὲ ἀπόλυτον ψυχραιμίαν ὁ νεαρὸς δολοφόνος ἀνεπαρέστησε τὸν φόνον ἐνώπιον τῶν ἀρχῶν.

ΣΧΟΛΗ ΕΘΕΛΟΝΤΡΙΩΝ ΤΟΥ ΕΡΥΘΡΟΥ ΣΤΑΥΡΟΥ ΕΝΕΚΑΙΝΙΑΣΘΗ ΕΙΣ ΤΗΝ ΞΑΝΘΗΝ

ΞΑΝΘΗ, 8.— Τὴν παρελθοῦσαν Κυριακὴν ἐγένοντο τὰ ἐγκαίνια τῆς σχολῆς ἐθελοντριῶν.

ΞΑΝΘΗ, 8.— Τὴν παρελθοῦσαν Κυριακὴν ἐγένοντο τὰ ἐγκαίνια τῆς σχολῆς ἐθελοντριῶν.

ΟΠΑΔΟΣ ΤΟΥ ΚΕΝΤΡΟΥ ΕΜΗΝΥΣΕ ΑΣΤΥΝΟΜΙΚΟΝ ΔΙΟΤΙ ΤΟΝ ΑΠΕΚΑΛΕΣΕ «ΚΟΜΜΟΥΝΙΣΤΗΝ»

ΑΡΓΟΣΤΟΛΙ, 8.— Ἐνώπιον τοῦ Πταισματοδικείου ἐκδικάζεται ἡ μήνυσις ὀπαδοῦ τοῦ Κέντρου.

ΑΡΓΟΣΤΟΛΙ, 8.— Ἐνώπιον τοῦ Πταισματοδικείου ἐκδικάζεται ἡ μήνυσις ὀπαδοῦ τοῦ Κέντρου.

ΝΕΑΙ ΘΕΣΕΙΣ ΕΙΣ ΤΟ ΣΥΜΒΟΥΛΙΟΝ ΕΠΙΚΡΑΤΕΙΑΣ

ΑΘΗΝΑΙ, 8.— Ἐγκρίθη ἡ δημιουργία νέων θέσεων εἰς τὸ Συμβούλιον Ἐπικρατείας.

ΑΘΗΝΑΙ, 8.— Ἐγκρίθη ἡ δημιουργία νέων θέσεων εἰς τὸ Συμβούλιον Ἐπικρατείας.

Η ΗΜΕΡΑ ΤΟΥ ΕΛΛΗΝΟΣ ΕΠΑΓΓΕΛΜΑΤΙΟΒΙΟΤΕΧΝΟΥ

ΑΘΗΝΑΙ, 8.— Ἐγκρίθη ἡ δημιουργία νέων θέσεων εἰς τὸ Συμβούλιον Ἐπικρατείας.

ΣΥΝΕΛΗΦΘΗ ΚΛΕΠΤΗΣ ΔΙΚΥΚΛΟΥ

ΑΡΓΟΣΤΟΛΙ, 8.— Ἐνώπιον τοῦ Πταισματοδικείου ἐκδικάζεται ἡ μήνυσις ὀπαδοῦ τοῦ Κέντρου.

ΥΠΟΤΡΟΦΙΑ ΕΙΣ ΜΑΘΗΤΙΝ

ΞΑΝΘΗ, 8.— Τὴν παρελθοῦσαν Κυριακὴν ἐγένοντο τὰ ἐγκαίνια τῆς σχολῆς ἐθελοντριῶν.

ΦΡΟΝΤΙΣΤΗΡΙΑ ΚΑΙ ΣΧΟΛΑΙ
ΒΙΟΜΗΧΑΝΙΚΗ — ΑΚΑΔΗΜΙΑ ΦΙΛΟΛΟΓΙΑ — Ο.Π.Ε.

ΑΘΗΝΑΙ, 8.— Διὰ νέου διατάγματος αἱ οἰκοδομικαὶ παρεκκλίσεις ὑπάγονται εἰς τὴν ἁρμοδιότητα τοῦ ὑπουργοῦ.

ΚΑΤΙ ΠΟΥ ΕΝΔΙΑΦΕΡΕΙ ΤΟΥΣ ΓΟΝΕΙΣ

ΜΥΤΙΛΗΝΗ, 8.— Μὲ ἀπόλυτον ψυχραιμίαν ὁ νεαρὸς δολοφόνος ἀνεπαρέστησε τὸν φόνον ἐνώπιον τῶν ἀρχῶν.

ΔΙΠΛΩΜΑΤΟΥΧΟΣ ΣΧΟΛΗΣ Ο.Τ.Σ. ΑΘΗΝΩΝ

ΑΘΗΝΑΙ, 8.— Ὁ ἀρμόδιος ἐμπορικὸς ἀκόλουθος παρακολουθεῖ τὰς ἐργασίας τοῦ συνεδρίου τῶν ἰδιοκτητῶν κυλινδρομύλων.

ΛΟΓΙΣΤΙΚΑ — ΔΑΚΤΥΛΟΓΡΑΦΙΑ
ΕΞΑΦΑΝΙΣΙΣ

ΞΑΝΘΗ, 8.— Τὴν παρελθοῦσαν Κυριακὴν ἐγένοντο τὰ ἐγκαίνια τῆς σχολῆς ἐθελοντριῶν.

ΠΑΡΑΤΗΡΕΙΤΑΙ ΑΠΡΟΘΥΜΙΑ ΤΩΝ ΝΕΩΝ ΔΙΚΗΓΟΡΩΝ ΟΠΩΣ ΥΠΗΡΕΤΗΣΟΥΝ ΕΙΣ ΤΗΝ ΕΠΑΡΧΙΑΝ ΚΑΙ ΣΤΡΑΦΟΥΝ ΠΡΟΣ ΤΟΝ ΔΙΚΑΣΤΙΚΟΝ ΚΛΑΔΟΝ

ΑΘΗΝΑΙ, 8.— Ἀνησυχίας προκαλεῖ εἰς τοὺς κύκλους τοῦ ὑπουργείου Δικαιοσύνης ἡ ἀπροθυμία τῶν νέων δικηγόρων νὰ ὑπηρετήσουν εἰς τὴν ἐπαρχίαν.

ΑΘΗΝΑΙ, 8.— Ἀνησυχίας προκαλεῖ εἰς τοὺς κύκλους τοῦ ὑπουργείου Δικαιοσύνης ἡ ἀπροθυμία τῶν νέων δικηγόρων νὰ ὑπηρετήσουν εἰς τὴν ἐπαρχίαν.

ΑΘΗΝΑΙ, 8.— Ἀνησυχίας προκαλεῖ εἰς τοὺς κύκλους τοῦ ὑπουργείου Δικαιοσύνης ἡ ἀπροθυμία τῶν νέων δικηγόρων νὰ ὑπηρετήσουν εἰς τὴν ἐπαρχίαν.

ΑΘΗΝΑΙ, 8.— Ἀνησυχίας προκαλεῖ εἰς τοὺς κύκλους τοῦ ὑπουργείου Δικαιοσύνης ἡ ἀπροθυμία τῶν νέων δικηγόρων νὰ ὑπηρετήσουν εἰς τὴν ἐπαρχίαν.

ΑΘΗΝΑΙ, 8.— Ἀνησυχίας προκαλεῖ εἰς τοὺς κύκλους τοῦ ὑπουργείου Δικαιοσύνης ἡ ἀπροθυμία τῶν νέων δικηγόρων νὰ ὑπηρετήσουν εἰς τὴν ἐπαρχίαν.

ΑΘΗΝΑΙ, 8.— Ἀνησυχίας προκαλεῖ εἰς τοὺς κύκλους τοῦ ὑπουργείου Δικαιοσύνης ἡ ἀπροθυμία τῶν νέων δικηγόρων νὰ ὑπηρετήσουν εἰς τὴν ἐπαρχίαν.

ΜΕΤΕΒΗΣΑΝ ΕΙΣ ΕΔΕΣΣΑΝ ΟΙ ΚΑΘΗΓΗΤΑΙ ΚΑΙ ΗΡΧΙΣΑΝ ΣΥΣΚΕΨΕΙΣ ΜΕ ΑΡΜΟΔΙΟΥΣ ΠΡΟΣ ΔΙΑΣΩΣΙΝ ΤΟΥ ΥΔΑΤΙΝΟΥ ΠΛΟΥΤΟΥ

ΕΔΕΣΣΑ, 8.— Ἀφίχθησαν εἰς Ἔδεσσαν οἱ καθηγηταὶ τοῦ Πανεπιστημίου καὶ ἤρχισαν συσκέψεις διὰ τὴν διάσωσιν τοῦ ὑδατίνου πλούτου τῆς περιοχῆς.

ΕΔΕΣΣΑ, 8.— Ἀφίχθησαν εἰς Ἔδεσσαν οἱ καθηγηταὶ τοῦ Πανεπιστημίου καὶ ἤρχισαν συσκέψεις διὰ τὴν διάσωσιν τοῦ ὑδατίνου πλούτου τῆς περιοχῆς.

ΕΔΕΣΣΑ, 8.— Ἀφίχθησαν εἰς Ἔδεσσαν οἱ καθηγηταὶ τοῦ Πανεπιστημίου καὶ ἤρχισαν συσκέψεις διὰ τὴν διάσωσιν τοῦ ὑδατίνου πλούτου τῆς περιοχῆς.

ΕΔΕΣΣΑ, 8.— Ἀφίχθησαν εἰς Ἔδεσσαν οἱ καθηγηταὶ τοῦ Πανεπιστημίου καὶ ἤρχισαν συσκέψεις διὰ τὴν διάσωσιν τοῦ ὑδατίνου πλούτου τῆς περιοχῆς.

ΕΔΕΣΣΑ, 8.— Ἀφίχθησαν εἰς Ἔδεσσαν οἱ καθηγηταὶ τοῦ Πανεπιστημίου καὶ ἤρχισαν συσκέψεις διὰ τὴν διάσωσιν τοῦ ὑδατίνου πλούτου τῆς περιοχῆς.

ΕΔΕΣΣΑ, 8.— Ἀφίχθησαν εἰς Ἔδεσσαν οἱ καθηγηταὶ τοῦ Πανεπιστημίου καὶ ἤρχισαν συσκέψεις διὰ τὴν διάσωσιν τοῦ ὑδατίνου πλούτου τῆς περιοχῆς.

ΤΡΙΗΜΕΡΟΙ ΕΟΡΤΑΙ ΤΗΣ ΠΕΝΤΗΚΟΝΤΑΕΤΗΡΙΔΟΣ ΤΗΣ ΜΑΧΗΣ ΚΑΙ ΑΠΕΛΕΥΘΕΡΩΣΕΩΣ ΤΟΥ ΚΙΛΚΙΣ

Τὴν 21ην Ἰουνίου θὰ ἀρχίσουν αἱ ἑορταὶ τῆς πεντηκονταετηρίδος τῆς μάχης καὶ ἀπελευθερώσεως τοῦ Κιλκίς.

Τὴν 21ην Ἰουνίου θὰ ἀρχίσουν αἱ ἑορταὶ τῆς πεντηκονταετηρίδος τῆς μάχης καὶ ἀπελευθερώσεως τοῦ Κιλκίς.

Τὴν 21ην Ἰουνίου θὰ ἀρχίσουν αἱ ἑορταὶ τῆς πεντηκονταετηρίδος τῆς μάχης καὶ ἀπελευθερώσεως τοῦ Κιλκίς.

Τὴν 21ην Ἰουνίου θὰ ἀρχίσουν αἱ ἑορταὶ τῆς πεντηκονταετηρίδος τῆς μάχης καὶ ἀπελευθερώσεως τοῦ Κιλκίς.

ΕΙΣ ΤΟΝ Κ. ΤΟΜΠΡΟΝ ΑΝΕΤΕΘΗ Η ΦΙΛΟΤΕΧΝΙΣ ΤΟΥ ΑΝΔΡΙΑΝΤΟΣ ΤΟΥ ΓΕΩΡΓΙΟΥ ΚΑΡΑΪΣΚΑΚΗ

ΑΘΗΝΑΙ, 8.— Ἡ ἐπιτροπὴ ἀνέθεσεν εἰς τὸν γλύπτην κ. Τόμπρον τὴν φιλοτέχνησιν τοῦ ἀνδριάντος.

ΑΘΗΝΑΙ, 8.— Ἡ ἐπιτροπὴ ἀνέθεσεν εἰς τὸν γλύπτην κ. Τόμπρον τὴν φιλοτέχνησιν τοῦ ἀνδριάντος.

ΑΘΗΝΑΙ, 8.— Ἡ ἐπιτροπὴ ἀνέθεσεν εἰς τὸν γλύπτην κ. Τόμπρον τὴν φιλοτέχνησιν τοῦ ἀνδριάντος.

ΑΘΗΝΑΙ, 8.— Ἡ ἐπιτροπὴ ἀνέθεσεν εἰς τὸν γλύπτην κ. Τόμπρον τὴν φιλοτέχνησιν τοῦ ἀνδριάντος.

ΑΘΗΝΑΙ, 8.— Ἡ ἐπιτροπὴ ἀνέθεσεν εἰς τὸν γλύπτην κ. Τόμπρον τὴν φιλοτέχνησιν τοῦ ἀνδριάντος.

ΑΘΗΝΑΙ, 8.— Ἡ ἐπιτροπὴ ἀνέθεσεν εἰς τὸν γλύπτην κ. Τόμπρον τὴν φιλοτέχνησιν τοῦ ἀνδριάντος.

ΝΟΜΙΜΟΣ ΕΙΝΑΙ ΚΑΤΑ ΤΟ ΥΠΟΥΡΓΕΙΟΝ ΟΙΚΟΝΟΜΙΚΩΝ Η ΕΠΙΒΛΗΘΕΙΣΑ ΕΙΣΦΟΡΑ ΕΠΙ ΤΗΣ ΥΠΕΡΑΞΙΑΣ ΑΚΙΝΗΤΩΝ

ΑΘΗΝΑΙ, 8.— Ἐκ τοῦ ὑπουργείου Οἰκονομικῶν ἀνακοινοῦται ὅτι ἡ εἰσφορὰ ἐπὶ τῆς ὑπεραξίας εἶναι νόμιμος.

ΑΘΗΝΑΙ, 8.— Ἐκ τοῦ ὑπουργείου Οἰκονομικῶν ἀνακοινοῦται ὅτι ἡ εἰσφορὰ ἐπὶ τῆς ὑπεραξίας εἶναι νόμιμος.

ΑΘΗΝΑΙ, 8.— Ἐκ τοῦ ὑπουργείου Οἰκονομικῶν ἀνακοινοῦται ὅτι ἡ εἰσφορὰ ἐπὶ τῆς ὑπεραξίας εἶναι νόμιμος.

ΑΘΗΝΑΙ, 8.— Ἐκ τοῦ ὑπουργείου Οἰκονομικῶν ἀνακοινοῦται ὅτι ἡ εἰσφορὰ ἐπὶ τῆς ὑπεραξίας εἶναι νόμιμος.

ΑΘΗΝΑΙ, 8.— Ἐκ τοῦ ὑπουργείου Οἰκονομικῶν ἀνακοινοῦται ὅτι ἡ εἰσφορὰ ἐπὶ τῆς ὑπεραξίας εἶναι νόμιμος.

ΑΘΗΝΑΙ, 8.— Ἐκ τοῦ ὑπουργείου Οἰκονομικῶν ἀνακοινοῦται ὅτι ἡ εἰσφορὰ ἐπὶ τῆς ὑπεραξίας εἶναι νόμιμος.

ΠΟΛΛΑ ΖΗΤΗΜΑΤΑ ΤΟΥ ΕΜΠΟΡΙΚΟΥ ΚΟΣΜΟΥ ΔΕΝ ΕΥΡΟΝ ΤΗΝ ΟΔΟΝ ΤΗΣ ΡΥΘΜΙΣΕΩΣ ΤΩΝ

Ἐπρογραμματίσθη ἡ γενικὴ συνέλευσις τοῦ Ἐμπορικοῦ Συλλόγου διὰ τὴν ἐξέτασιν τῶν ἐκκρεμῶν ζητημάτων.

Ἐπρογραμματίσθη ἡ γενικὴ συνέλευσις τοῦ Ἐμπορικοῦ Συλλόγου διὰ τὴν ἐξέτασιν τῶν ἐκκρεμῶν ζητημάτων.

Ἐπρογραμματίσθη ἡ γενικὴ συνέλευσις τοῦ Ἐμπορικοῦ Συλλόγου διὰ τὴν ἐξέτασιν τῶν ἐκκρεμῶν ζητημάτων.

Ἐπρογραμματίσθη ἡ γενικὴ συνέλευσις τοῦ Ἐμπορικοῦ Συλλόγου διὰ τὴν ἐξέτασιν τῶν ἐκκρεμῶν ζητημάτων.

Ἐπρογραμματίσθη ἡ γενικὴ συνέλευσις τοῦ Ἐμπορικοῦ Συλλόγου διὰ τὴν ἐξέτασιν τῶν ἐκκρεμῶν ζητημάτων.

Ἐπρογραμματίσθη ἡ γενικὴ συνέλευσις τοῦ Ἐμπορικοῦ Συλλόγου διὰ τὴν ἐξέτασιν τῶν ἐκκρεμῶν ζητημάτων.

ΔΙΠΛΩΜΑΤΑ ΕΥΡΕΣΙΤΕΧΝΙΑΣ ΔΙΑ ΝΕΑΣ ΕΦΕΥΡΕΣΕΙΣ

ΑΘΗΝΑΙ, 8.— Ὑπὸ τοῦ ὑπουργείου Βιομηχανίας ἐχορηγήθησαν διπλώματα εὑρεσιτεχνίας διὰ νέας ἐφευρέσεις.

ΑΘΗΝΑΙ, 8.— Ὑπὸ τοῦ ὑπουργείου Βιομηχανίας ἐχορηγήθησαν διπλώματα εὑρεσιτεχνίας διὰ νέας ἐφευρέσεις.

ΑΘΗΝΑΙ, 8.— Ὑπὸ τοῦ ὑπουργείου Βιομηχανίας ἐχορηγήθησαν διπλώματα εὑρεσιτεχνίας διὰ νέας ἐφευρέσεις.

ΑΘΗΝΑΙ, 8.— Ὑπὸ τοῦ ὑπουργείου Βιομηχανίας ἐχορηγήθησαν διπλώματα εὑρεσιτεχνίας διὰ νέας ἐφευρέσεις.

ΑΘΗΝΑΙ, 8.— Ὑπὸ τοῦ ὑπουργείου Βιομηχανίας ἐχορηγήθησαν διπλώματα εὑρεσιτεχνίας διὰ νέας ἐφευρέσεις.

ΜΙΚΡΑΙ ΕΙΔΗΣΕΙΣ ΑΠΟ ΤΑΣ ΕΠΑΡΧΙΑΣ ΒΟΡ. ΕΛΛΑΔΟΣ
ΑΠΟ ΤΗΝ ΞΑΝΘΗΝ

Τὴν 21ην Ἰουνίου θὰ ἀρχίσουν αἱ ἑορταὶ τῆς πεντηκονταετηρίδος τῆς μάχης καὶ ἀπελευθερώσεως τοῦ Κιλκίς.

Τὴν 21ην Ἰουνίου θὰ ἀρχίσουν αἱ ἑορταὶ τῆς πεντηκονταετηρίδος τῆς μάχης καὶ ἀπελευθερώσεως τοῦ Κιλκίς.

ΑΠΟ ΤΟ ΚΙΛΚΙΣ

Τὴν 21ην Ἰουνίου θὰ ἀρχίσουν αἱ ἑορταὶ τῆς πεντηκονταετηρίδος τῆς μάχης καὶ ἀπελευθερώσεως τοῦ Κιλκίς.

Τὴν 21ην Ἰουνίου θὰ ἀρχίσουν αἱ ἑορταὶ τῆς πεντηκονταετηρίδος τῆς μάχης καὶ ἀπελευθερώσεως τοῦ Κιλκίς.

ΠΟΛΙΤΙΚΟΝ ΛΟΓΟΝ ΘΑ ΕΚΦΩΝΗΣΗ Ο Κ. ΜΑΡΚΕΖΙΝΗΣ ΕΙΣ ΤΗΝ ΘΕΣΣΑΛΟΝΙΚΗΝ

ΑΘΗΝΑΙ, 8.— Ὁ ἀρχηγὸς τῶν Προοδευτικῶν κ. Σπ. Μαρκεζίνης θὰ ἐκφωνήσῃ πολιτικὸν λόγον εἰς Θεσσαλονίκην.

ΑΘΗΝΑΙ, 8.— Ὁ ἀρχηγὸς τῶν Προοδευτικῶν κ. Σπ. Μαρκεζίνης θὰ ἐκφωνήσῃ πολιτικὸν λόγον εἰς Θεσσαλονίκην.

ΑΘΗΝΑΙ, 8.— Ὁ ἀρχηγὸς τῶν Προοδευτικῶν κ. Σπ. Μαρκεζίνης θὰ ἐκφωνήσῃ πολιτικὸν λόγον εἰς Θεσσαλονίκην.

ΑΘΗΝΑΙ, 8.— Ὁ ἀρχηγὸς τῶν Προοδευτικῶν κ. Σπ. Μαρκεζίνης θὰ ἐκφωνήσῃ πολιτικὸν λόγον εἰς Θεσσαλονίκην.

ΑΘΗΝΑΙ, 8.— Ὁ ἀρχηγὸς τῶν Προοδευτικῶν κ. Σπ. Μαρκεζίνης θὰ ἐκφωνήσῃ πολιτικὸν λόγον εἰς Θεσσαλονίκην.

ΠΩΣ ΤΙΜΩΡΟΥΝ ΟΙ ΓΙΟΥΓΚΟΣΛΑΒΟΙ ΤΟΥΣ ΑΣΥΝΕΙΔΗΤΟΥΣ ΟΔΗΓΟΥΣ ΑΥΤΟΚΙΝΗΤΩΝ

ΒΕΛΙΓΡΑΔΙΟΝ, 8.— Αὐστηραὶ ποιναὶ ἐπιβάλλονται εἰς τοὺς ὁδηγοὺς οἱ ὁποῖοι προκαλοῦν ἀτυχήματα.

ΒΕΛΙΓΡΑΔΙΟΝ, 8.— Αὐστηραὶ ποιναὶ ἐπιβάλλονται εἰς τοὺς ὁδηγοὺς οἱ ὁποῖοι προκαλοῦν ἀτυχήματα.

ΒΕΛΙΓΡΑΔΙΟΝ, 8.— Αὐστηραὶ ποιναὶ ἐπιβάλλονται εἰς τοὺς ὁδηγοὺς οἱ ὁποῖοι προκαλοῦν ἀτυχήματα.

ΒΕΛΙΓΡΑΔΙΟΝ, 8.— Αὐστηραὶ ποιναὶ ἐπιβάλλονται εἰς τοὺς ὁδηγοὺς οἱ ὁποῖοι προκαλοῦν ἀτυχήματα.

ΟΙ ΕΝΟΡΚΟΙ ΤΟΝ ΑΠΗΛΛΑΞΑΝ ΑΛΛΑ Η ΑΠΟΦΑΣΙΣ ΤΩΝ ΕΚΗΡΥΞΘΗ ΠΑΡΑΠΕΜΠΤΕΑ

ΒΕΛΙΓΡΑΔΙΟΝ, 8.— Αὐστηραὶ ποιναὶ ἐπιβάλλονται εἰς τοὺς ὁδηγοὺς οἱ ὁποῖοι προκαλοῦν ἀτυχήματα.

ΑΘΗΝΑΙ, 8.— Ὁ ἀρχηγὸς τῶν Προοδευτικῶν κ. Σπ. Μαρκεζίνης θὰ ἐκφωνήσῃ πολιτικὸν λόγον εἰς Θεσσαλονίκην.

ΟΙ ΠΡΑΚΤΟΡΕΣ ΛΑΧΕΙΩΝ ΔΥΝΑΝΤΑΙ ΝΑ ΠΑΡΕΧΟΥΝ ΕΓΓΥΗΣΙΝ ΕΙΣ ΟΜΟΛΟΓΙΑ

ΑΘΗΝΑΙ, 8.— Ὁ ἀρχηγὸς τῶν Προοδευτικῶν κ. Σπ. Μαρκεζίνης θὰ ἐκφωνήσῃ πολιτικὸν λόγον εἰς Θεσσαλονίκην.

ΒΕΛΙΓΡΑΔΙΟΝ, 8.— Αὐστηραὶ ποιναὶ ἐπιβάλλονται εἰς τοὺς ὁδηγοὺς οἱ ὁποῖοι προκαλοῦν ἀτυχήματα.

ΕΝΕΡΓΕΙΑ ΚΟΜΜΟΥΝΙΣΤΩΝ ΚΑΤΑ ΤΟΥ ΣΠΑΝΟΥ ΕΙΣ ΤΙΝΑ ΛΑΤΡΕΥΘΕΝΤΑ ΤΩΝ ΒΟΜΒΩΝ ΕΙΣ ΤΑ ΑΕΡΟΔΡΟΜΙΑ

ΒΕΛΙΓΡΑΔΙΟΝ, 8.— Αὐστηραὶ ποιναὶ ἐπιβάλλονται εἰς τοὺς ὁδηγοὺς οἱ ὁποῖοι προκαλοῦν ἀτυχήματα.

ΑΘΗΝΑΙ, 8.— Ὁ ἀρχηγὸς τῶν Προοδευτικῶν κ. Σπ. Μαρκεζίνης θὰ ἐκφωνήσῃ πολιτικὸν λόγον εἰς Θεσσαλονίκην.

ΧΡΗΜΑΤΟΔΟΤΗΣ ΤΟΥ Ο.Α.Σ. ΣΥΝΕΛΗΦΘΗ ΕΙΣ ΜΑΣΣΑΛΙΑΝ

ΑΘΗΝΑΙ, 8.— Ὁ ἀρχηγὸς τῶν Προοδευτικῶν κ. Σπ. Μαρκεζίνης θὰ ἐκφωνήσῃ πολιτικὸν λόγον εἰς Θεσσαλονίκην.

ΒΕΛΙΓΡΑΔΙΟΝ, 8.— Αὐστηραὶ ποιναὶ ἐπιβάλλονται εἰς τοὺς ὁδηγοὺς οἱ ὁποῖοι προκαλοῦν ἀτυχήματα.

ΧΡΥΣΟΦΟΡΟΙ ΦΛΕΒΕΣ ΑΝΕΚΑΛΥΦΘΗΣΑΝ ΕΙΣ ΣΟΒ. ΡΩΣΣΙΑΝ

ΒΕΛΙΓΡΑΔΙΟΝ, 8.— Αὐστηραὶ ποιναὶ ἐπιβάλλονται εἰς τοὺς ὁδηγοὺς οἱ ὁποῖοι προκαλοῦν ἀτυχήματα.

ΗΛΕΚΤΡΙΚΑΙ ΟΔΟΝΤΟΒΟΥΡΤΣΑΙ ΕΙΣ ΑΜΕΡΙΚΗΝ

ΑΘΗΝΑΙ, 8.— Ὁ ἀρχηγὸς τῶν Προοδευτικῶν κ. Σπ. Μαρκεζίνης θὰ ἐκφωνήσῃ πολιτικὸν λόγον εἰς Θεσσαλονίκην.

ΑΠΕΒΙΩΣΕΝ ΕΝ ΜΟΣΧΑ Ο ΕΜΠΟΡΙΚΟΣ ΣΥΜΒΟΥΛΟΣ ΤΗΣ ΠΡΕΣΒΕΙΑΣ ΜΑΣ

ΒΕΛΙΓΡΑΔΙΟΝ, 8.— Αὐστηραὶ ποιναὶ ἐπιβάλλονται εἰς τοὺς ὁδηγοὺς οἱ ὁποῖοι προκαλοῦν ἀτυχήματα.

ΝΕΑΙ ΥΠΟΤΡΟΦΙΑΙ ΤΗΣ «ΑΝΑΤΟΛΙΑ» ΕΙΣ ΤΡΕΙΣ ΜΑΘΗΤΑΣ

ΑΘΗΝΑΙ, 8.— Ὁ ἀρχηγὸς τῶν Προοδευτικῶν κ. Σπ. Μαρκεζίνης θὰ ἐκφωνήσῃ πολιτικὸν λόγον εἰς Θεσσαλονίκην.

ΒΕΛΙΓΡΑΔΙΟΝ, 8.— Αὐστηραὶ ποιναὶ ἐπιβάλλονται εἰς τοὺς ὁδηγοὺς οἱ ὁποῖοι προκαλοῦν ἀτυχήματα.

ΕΠΙΔΕΙΞΙΣ ΣΚΥΛΩΝ

ΑΘΗΝΑΙ, 8.— Ὁ ἀρχηγὸς τῶν Προοδευτικῶν κ. Σπ. Μαρκεζίνης θὰ ἐκφωνήσῃ πολιτικὸν λόγον εἰς Θεσσαλονίκην.

ΣΚΙΑΧΘΗ ΥΠΟ ΣΚΟΡΠΙΟΥ

ΒΕΛΙΓΡΑΔΙΟΝ, 8.— Αὐστηραὶ ποιναὶ ἐπιβάλλονται εἰς τοὺς ὁδηγοὺς οἱ ὁποῖοι προκαλοῦν ἀτυχήματα.

OPEL
KADETT
Τὸ νέον αὐτοκίνητον τῆς
GENERAL
MOTORS
σταθερὸ στὶς στροφές, ταχύ, νευρικό, εὐέλικτο, θαυμάσιο στὴν ἐπιτάχυνσιν, οἰκονομικό. Μία δοκιμὴ θὰ σᾶς πείσῃ.
